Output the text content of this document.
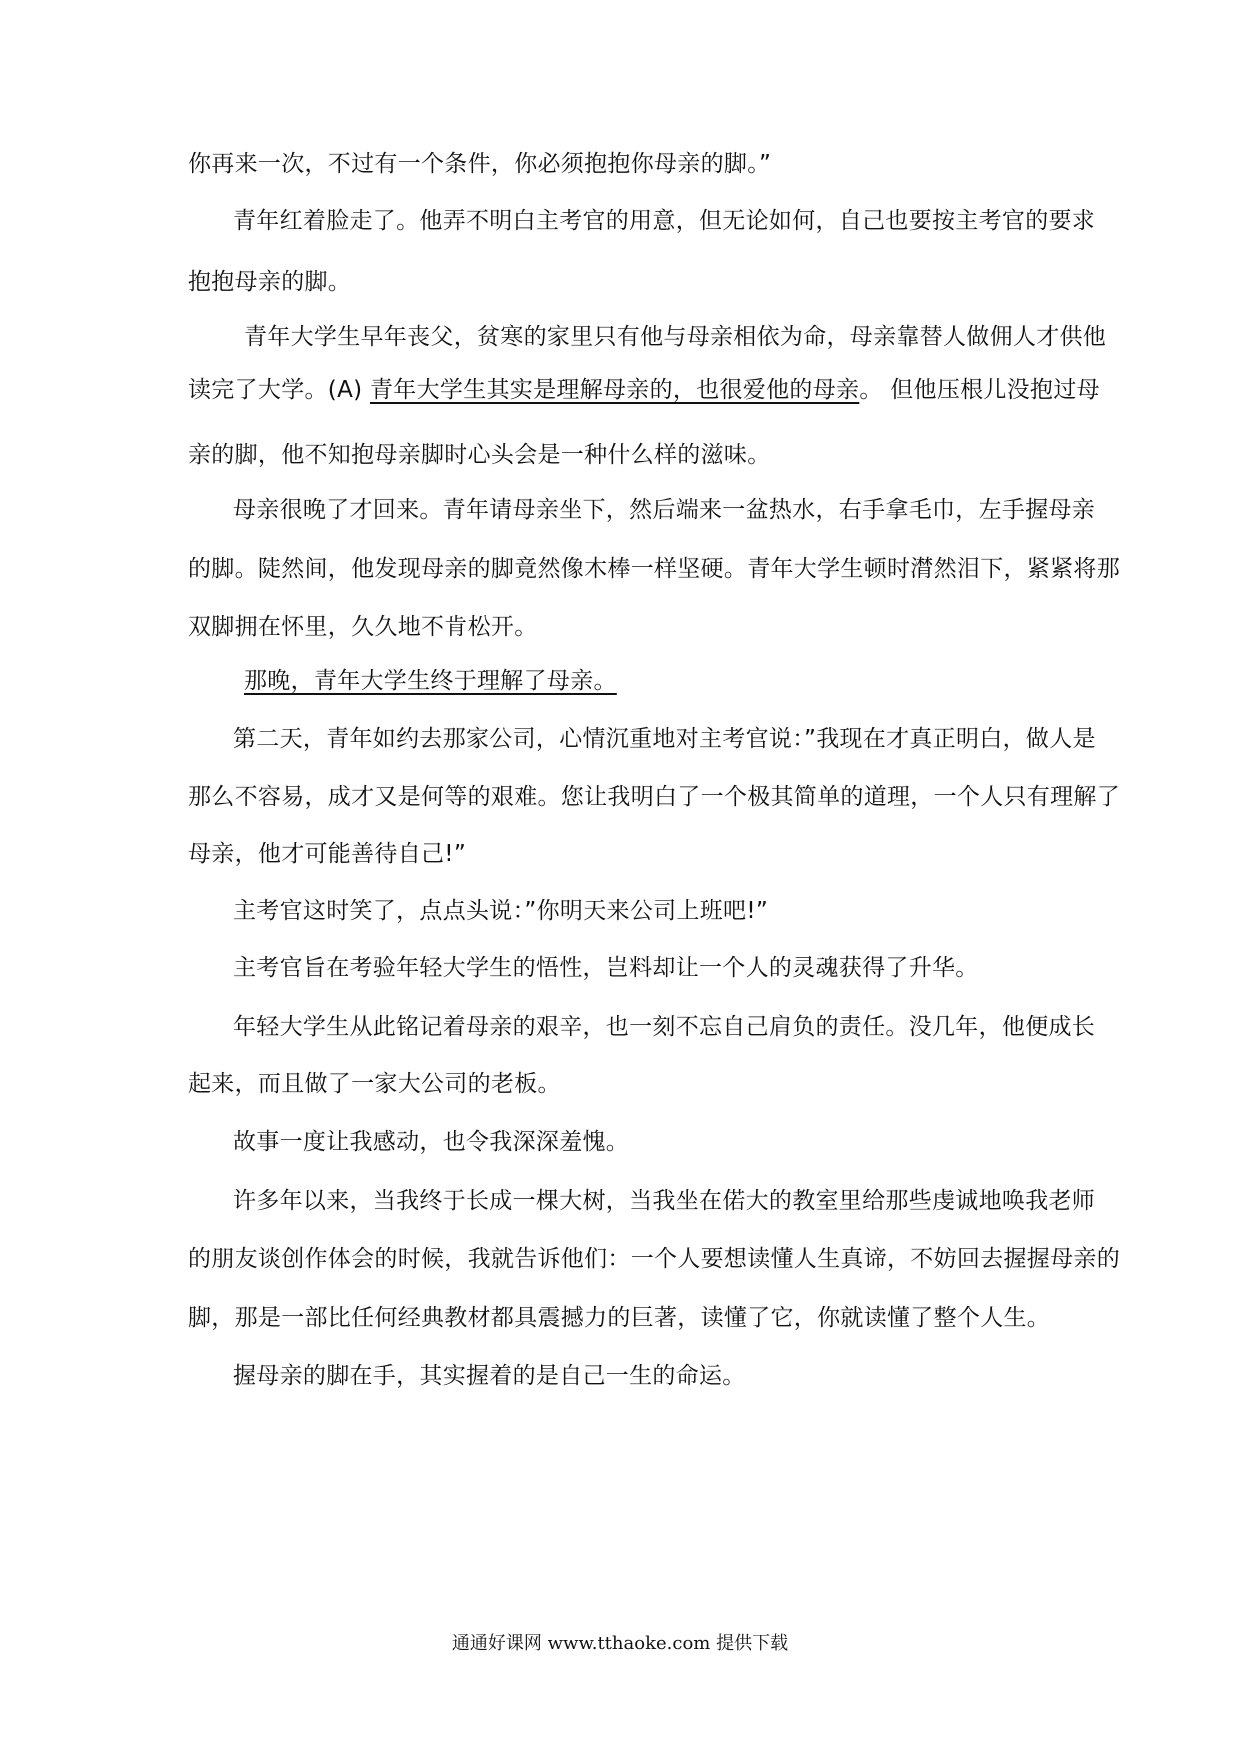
你再来一次，不过有一个条件，你必须抱抱你母亲的脚。”
青年红着脸走了。他弄不明白主考官的用意，但无论如何，自己也要按主考官的要求
抱抱母亲的脚。
青年大学生早年丧父，贫寒的家里只有他与母亲相依为命，母亲靠替人做佣人才供他
读完了大学。(A) 青年大学生其实是理解母亲的，也很爱他的母亲。 但他压根儿没抱过母
亲的脚，他不知抱母亲脚时心头会是一种什么样的滋味。
母亲很晚了才回来。青年请母亲坐下，然后端来一盆热水，右手拿毛巾，左手握母亲
的脚。陡然间，他发现母亲的脚竟然像木棒一样坚硬。青年大学生顿时潸然泪下，紧紧将那
双脚拥在怀里，久久地不肯松开。
那晚，青年大学生终于理解了母亲。
第二天，青年如约去那家公司，心情沉重地对主考官说：”我现在才真正明白，做人是
那么不容易，成才又是何等的艰难。您让我明白了一个极其简单的道理，一个人只有理解了
母亲，他才可能善待自己!”
主考官这时笑了，点点头说：”你明天来公司上班吧!”
主考官旨在考验年轻大学生的悟性，岂料却让一个人的灵魂获得了升华。
年轻大学生从此铭记着母亲的艰辛，也一刻不忘自己肩负的责任。没几年，他便成长
起来，而且做了一家大公司的老板。
故事一度让我感动，也令我深深羞愧。
许多年以来，当我终于长成一棵大树，当我坐在偌大的教室里给那些虔诚地唤我老师
的朋友谈创作体会的时候，我就告诉他们：一个人要想读懂人生真谛，不妨回去握握母亲的
脚，那是一部比任何经典教材都具震撼力的巨著，读懂了它，你就读懂了整个人生。
握母亲的脚在手，其实握着的是自己一生的命运。
通通好课网 www.tthaoke.com 提供下载
